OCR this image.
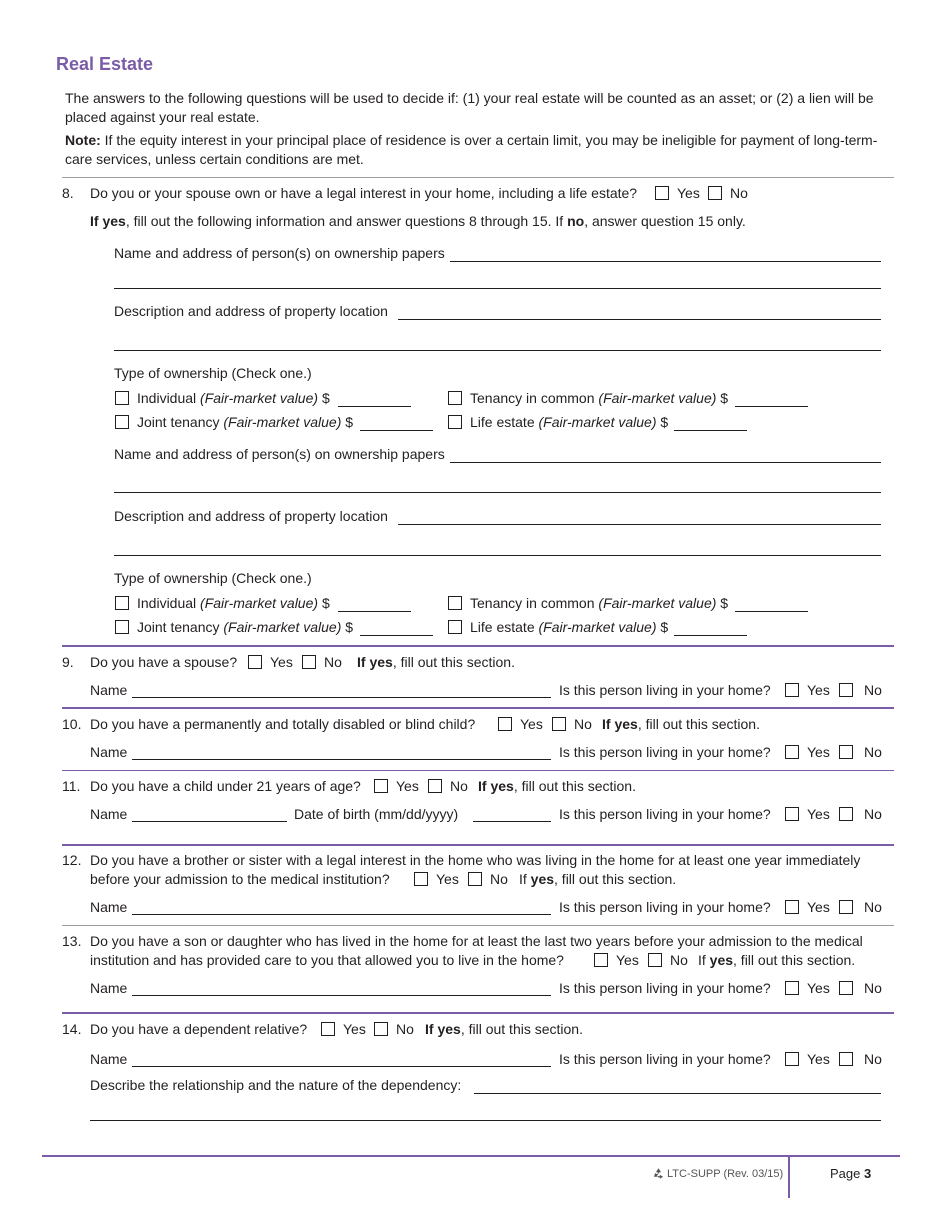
Real Estate
The answers to the following questions will be used to decide if: (1) your real estate will be counted as an asset; or (2) a lien will be placed against your real estate.
Note: If the equity interest in your principal place of residence is over a certain limit, you may be ineligible for payment of long-term-care services, unless certain conditions are met.
8. Do you or your spouse own or have a legal interest in your home, including a life estate?	Yes No
If yes, fill out the following information and answer questions 8 through 15. If no, answer question 15 only.
Name and address of person(s) on ownership papers
Description and address of property location
Type of ownership (Check one.)
Individual (Fair-market value) $	Tenancy in common (Fair-market value) $
Joint tenancy (Fair-market value) $	Life estate (Fair-market value) $
Name and address of person(s) on ownership papers
Description and address of property location
Type of ownership (Check one.)
Individual (Fair-market value) $	Tenancy in common (Fair-market value) $
Joint tenancy (Fair-market value) $	Life estate (Fair-market value) $
9. Do you have a spouse? Yes No If yes, fill out this section.
Name	Is this person living in your home?	Yes No
10. Do you have a permanently and totally disabled or blind child?	Yes No If yes, fill out this section.
Name	Is this person living in your home?	Yes No
11. Do you have a child under 21 years of age?	Yes No If yes, fill out this section.
Name	Date of birth (mm/dd/yyyy)	Is this person living in your home?	Yes No
12. Do you have a brother or sister with a legal interest in the home who was living in the home for at least one year immediately
before your admission to the medical institution?	Yes No If yes, fill out this section.
Name	Is this person living in your home?	Yes No
13. Do you have a son or daughter who has lived in the home for at least the last two years before your admission to the medical
institution and has provided care to you that allowed you to live in the home?	Yes No If yes, fill out this section.
Name	Is this person living in your home?	Yes No
14. Do you have a dependent relative?	Yes No If yes, fill out this section.
Name	Is this person living in your home?	Yes No
Describe the relationship and the nature of the dependency:
LTC-SUPP (Rev. 03/15)	Page 3
